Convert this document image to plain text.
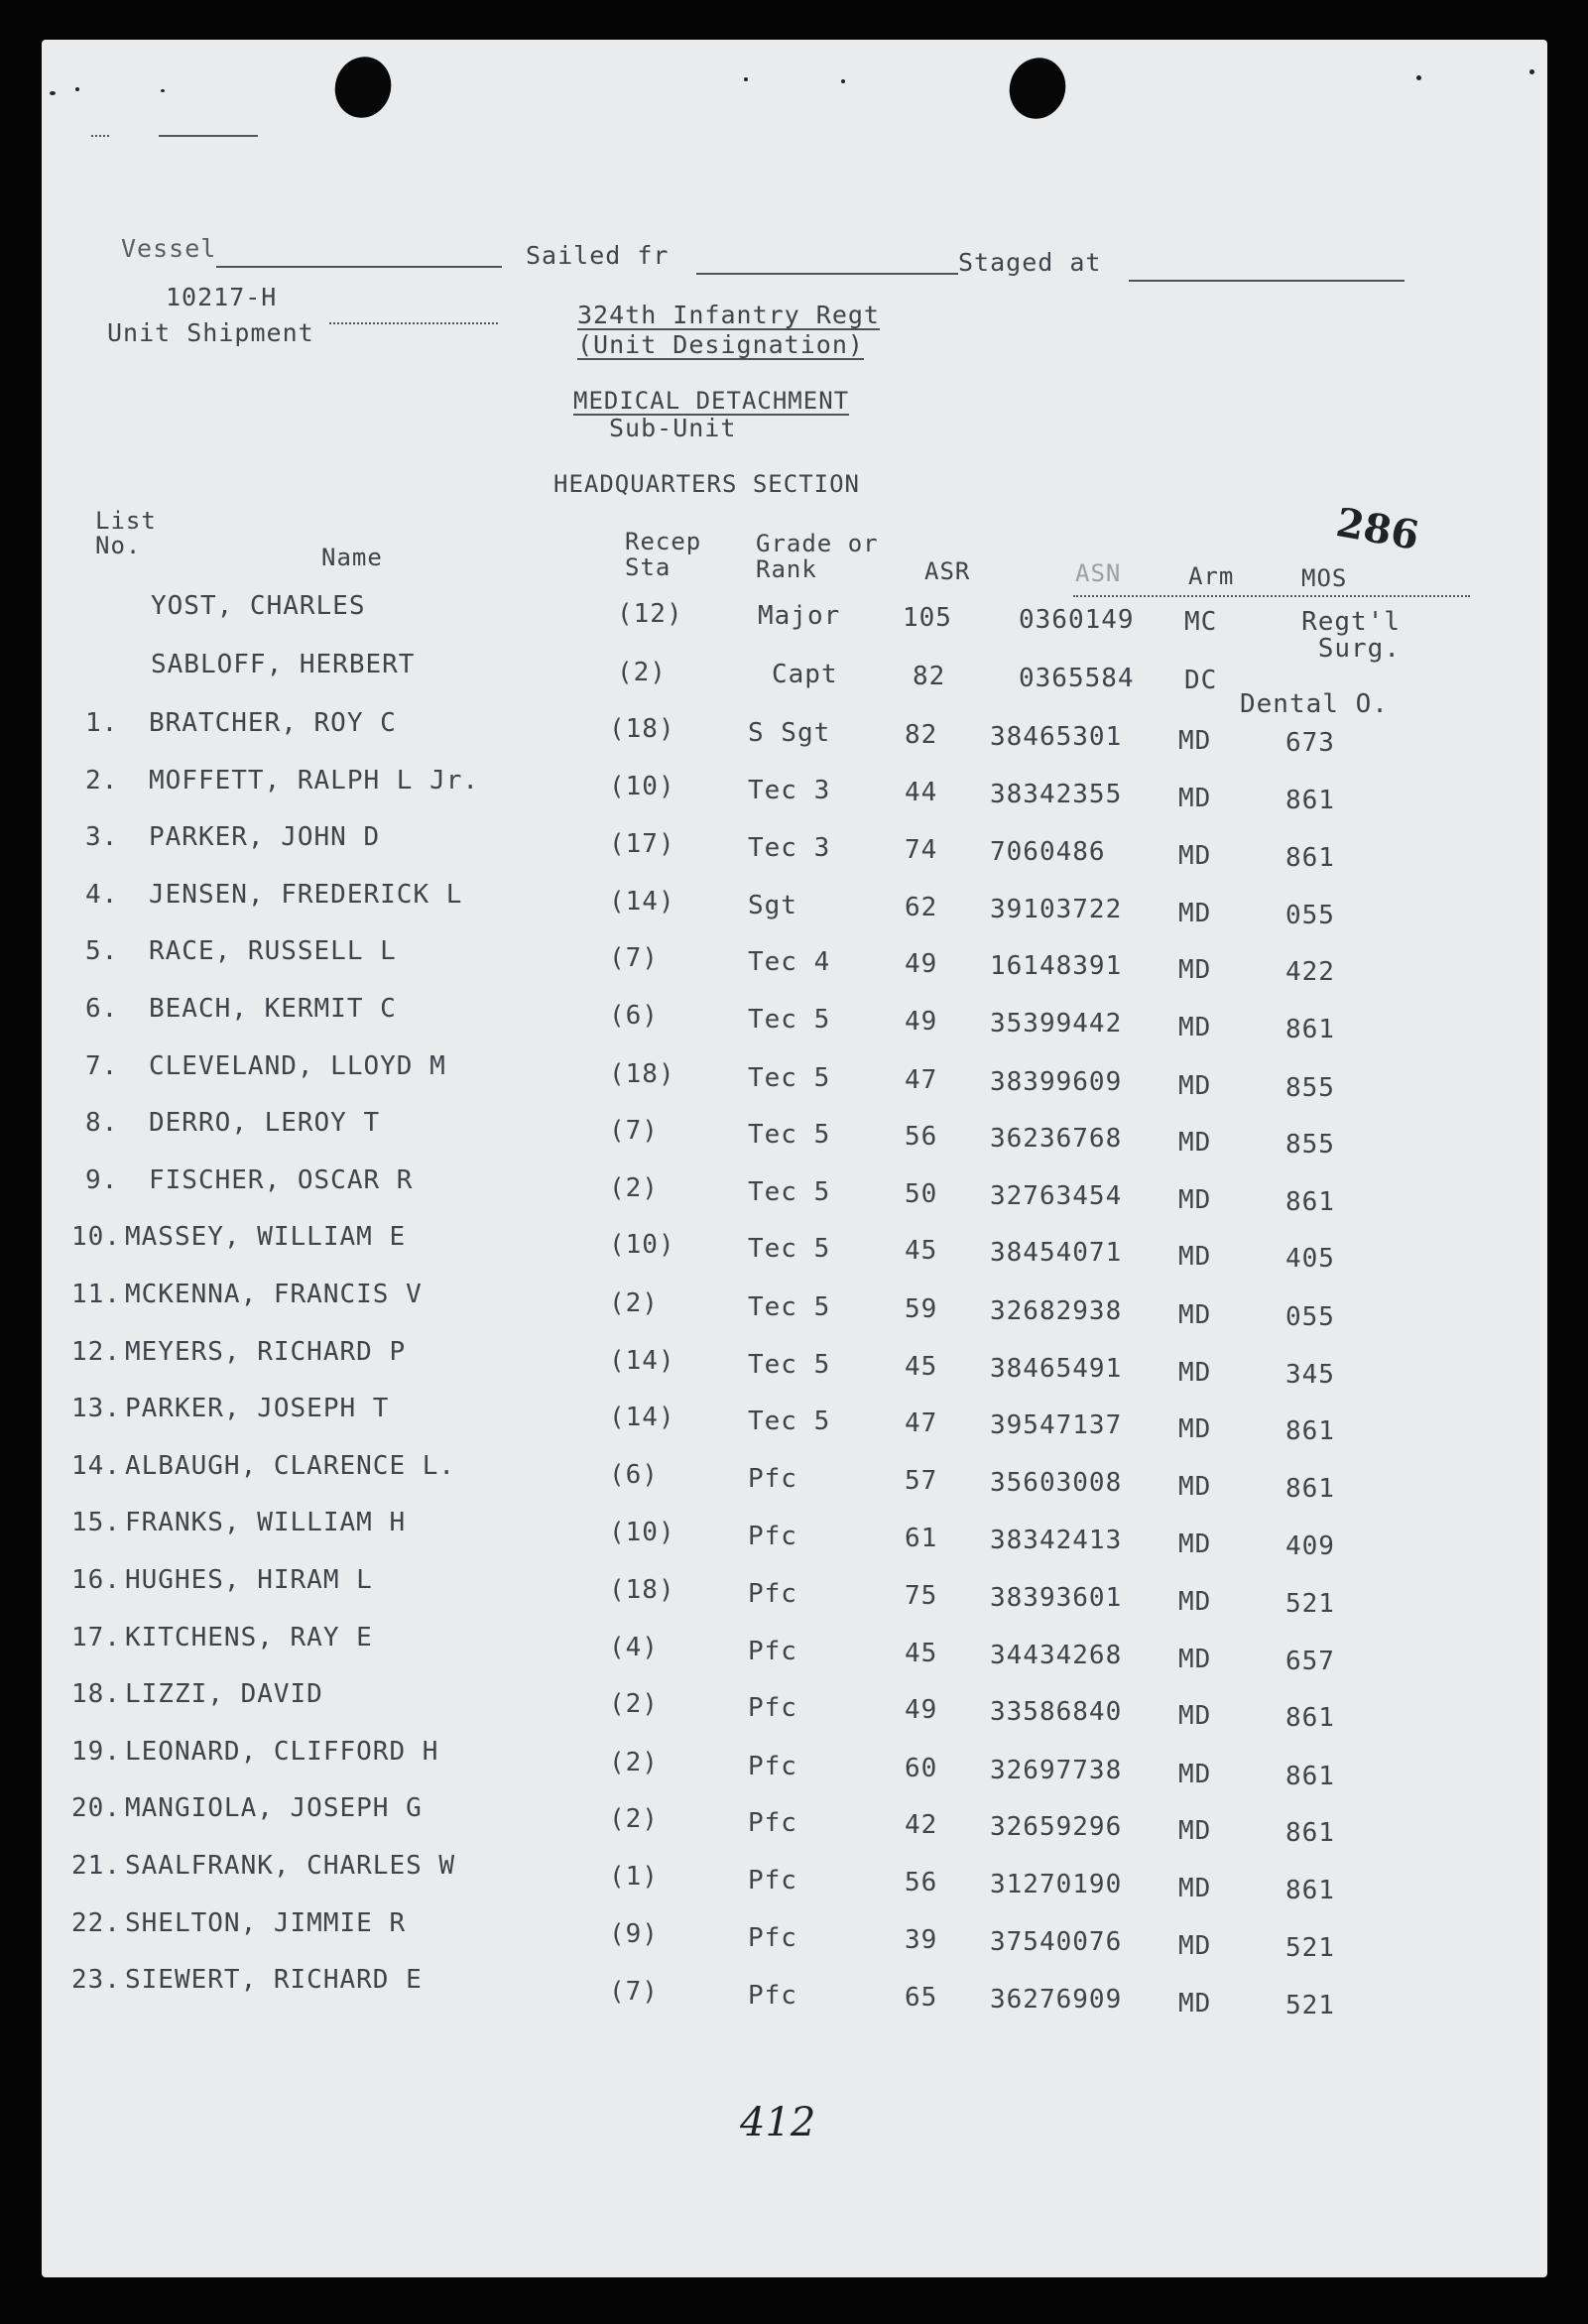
Vessel	Sailed fr	Staged at
10217-H
Unit Shipment
324th Infantry Regt
(Unit Designation)
MEDICAL DETACHMENT
Sub-Unit
HEADQUARTERS SECTION
286
List
No.	Name
Recep
Sta
Grade or
Rank	ASR	ASN	Arm	MOS
412
YOST, CHARLES	(12)	Major 105	0360149 MC	Regt'l
Surg.
SABLOFF, HERBERT	(2)	Capt	82	0365584 DC
Dental O.
1. BRATCHER, ROY C	(18)	S Sgt	82 38465301 MD	673
2. MOFFETT, RALPH L Jr.	(10)	Tec 3	44 38342355 MD	861
3. PARKER, JOHN D	(17)	Tec 3	74 7060486	MD	861
4. JENSEN, FREDERICK L	(14)	Sgt	62 39103722 MD	055
5. RACE, RUSSELL L	(7)	Tec 4	49 16148391 MD	422
6. BEACH, KERMIT C	(6)	Tec 5	49 35399442 MD	861
7. CLEVELAND, LLOYD M	(18)	Tec 5	47 38399609 MD	855
8. DERRO, LEROY T	(7)	Tec 5	56 36236768 MD	855
9. FISCHER, OSCAR R	(2)	Tec 5	50 32763454 MD	861
10. MASSEY, WILLIAM E	(10)	Tec 5	45 38454071 MD	405
11. MCKENNA, FRANCIS V	(2)	Tec 5	59 32682938 MD	055
12. MEYERS, RICHARD P	(14)	Tec 5	45 38465491 MD	345
13. PARKER, JOSEPH T	(14)	Tec 5	47 39547137 MD	861
14. ALBAUGH, CLARENCE L.	(6)	Pfc	57 35603008 MD	861
15. FRANKS, WILLIAM H	(10)	Pfc	61 38342413 MD	409
16. HUGHES, HIRAM L	(18)	Pfc	75 38393601 MD	521
17. KITCHENS, RAY E	(4)	Pfc	45 34434268 MD	657
18. LIZZI, DAVID	(2)	Pfc	49 33586840 MD	861
19. LEONARD, CLIFFORD H	(2)	Pfc	60 32697738 MD	861
20. MANGIOLA, JOSEPH G	(2)	Pfc	42 32659296 MD	861
21. SAALFRANK, CHARLES W	(1)	Pfc	56 31270190 MD	861
22. SHELTON, JIMMIE R	(9)	Pfc	39 37540076 MD	521
23. SIEWERT, RICHARD E	(7)	Pfc	65 36276909 MD	521
